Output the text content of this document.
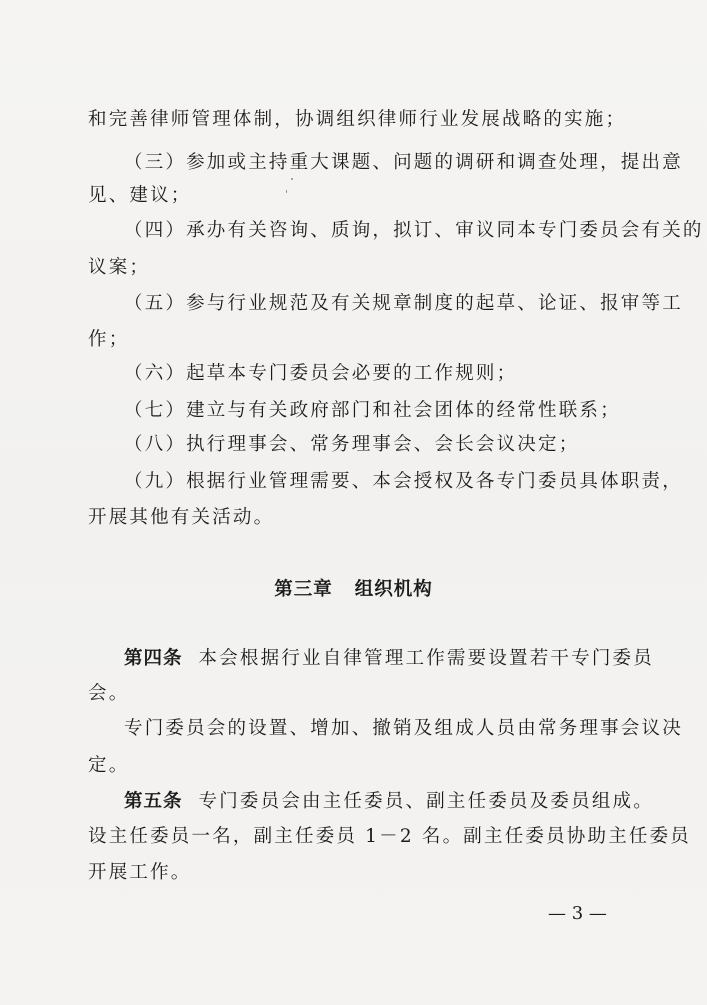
和完善律师管理体制，协调组织律师行业发展战略的实施；
（三）参加或主持重大课题、问题的调研和调查处理，提出意
见、建议；
（四）承办有关咨询、质询，拟订、审议同本专门委员会有关的
议案；
（五）参与行业规范及有关规章制度的起草、论证、报审等工
作；
（六）起草本专门委员会必要的工作规则；
（七）建立与有关政府部门和社会团体的经常性联系；
（八）执行理事会、常务理事会、会长会议决定；
（九）根据行业管理需要、本会授权及各专门委员具体职责，
开展其他有关活动。
第三章 组织机构
第四条 本会根据行业自律管理工作需要设置若干专门委员
会。
专门委员会的设置、增加、撤销及组成人员由常务理事会议决
定。
第五条 专门委员会由主任委员、副主任委员及委员组成。
设主任委员一名，副主任委员 1－2 名。副主任委员协助主任委员
开展工作。
— 3 —
